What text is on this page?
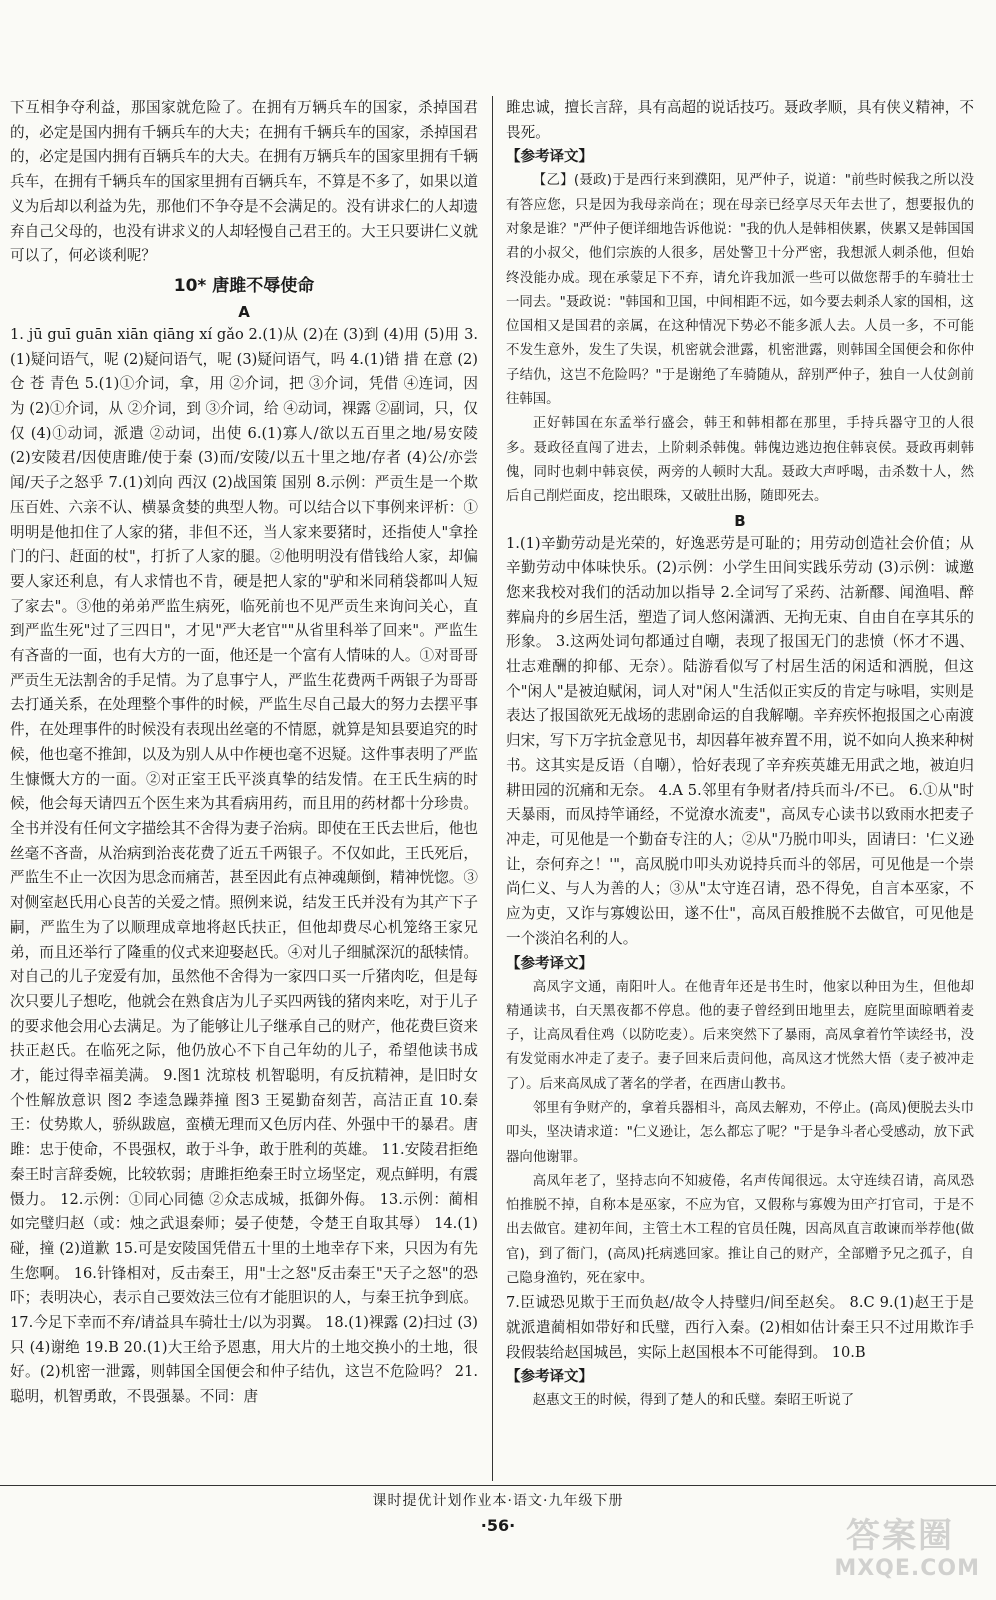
下互相争夺利益，那国家就危险了。在拥有万辆兵车的国家，杀掉国君的，必定是国内拥有千辆兵车的大夫；在拥有千辆兵车的国家，杀掉国君的，必定是国内拥有百辆兵车的大夫。在拥有万辆兵车的国家里拥有千辆兵车，在拥有千辆兵车的国家里拥有百辆兵车，不算是不多了，如果以道义为后却以利益为先，那他们不争夺是不会满足的。没有讲求仁的人却遗弃自己父母的，也没有讲求义的人却轻慢自己君王的。大王只要讲仁义就可以了，何必谈利呢？

10* 唐雎不辱使命
A

1. jū guī guān xiān qiāng xí gǎo 2.(1)从 (2)在 (3)到 (4)用 (5)用 3.(1)疑问语气，呢 (2)疑问语气，呢 (3)疑问语气，吗 4.(1)错 措 在意 (2)仓 苍 青色 5.(1)①介词，拿，用 ②介词，把 ③介词，凭借 ④连词，因为 (2)①介词，从 ②介词，到 ③介词，给 ④动词，裸露 ②副词，只，仅仅 (4)①动词，派遣 ②动词，出使 6.(1)寡人/欲以五百里之地/易安陵 (2)安陵君/因使唐雎/使于秦 (3)而/安陵/以五十里之地/存者 (4)公/亦尝闻/天子之怒乎 7.(1)刘向 西汉 (2)战国策 国别 8.示例：严贡生是一个欺压百姓、六亲不认、横暴贪婪的典型人物。可以结合以下事例来评析：①明明是他扣住了人家的猪，非但不还，当人家来要猪时，还指使人"拿拴门的闩、赶面的杖"，打折了人家的腿。②他明明没有借钱给人家，却偏要人家还利息，有人求情也不肯，硬是把人家的"驴和米同稍袋都叫人短了家去"。③他的弟弟严监生病死，临死前也不见严贡生来询问关心，直到严监生死"过了三四日"，才见"严大老官""从省里科举了回来"。严监生有吝啬的一面，也有大方的一面，他还是一个富有人情味的人。①对哥哥严贡生无法割舍的手足情。为了息事宁人，严监生花费两千两银子为哥哥去打通关系，在处理整个事件的时候，严监生尽自己最大的努力去摆平事件，在处理事件的时候没有表现出丝毫的不情愿，就算是知县要追究的时候，他也毫不推卸，以及为别人从中作梗也毫不迟疑。这件事表明了严监生慷慨大方的一面。②对正室王氏平淡真挚的结发情。在王氏生病的时候，他会每天请四五个医生来为其看病用药，而且用的药材都十分珍贵。全书并没有任何文字描绘其不舍得为妻子治病。即使在王氏去世后，他也丝毫不吝啬，从治病到治丧花费了近五千两银子。不仅如此，王氏死后，严监生不止一次因为思念而痛苦，甚至因此有点神魂颠倒，精神恍惚。③对侧室赵氏用心良苦的关爱之情。照例来说，结发王氏并没有为其产下子嗣，严监生为了以顺理成章地将赵氏扶正，但他却费尽心机笼络王家兄弟，而且还举行了隆重的仪式来迎娶赵氏。④对儿子细腻深沉的舐犊情。对自己的儿子宠爱有加，虽然他不舍得为一家四口买一斤猪肉吃，但是每次只要儿子想吃，他就会在熟食店为儿子买四两钱的猪肉来吃，对于儿子的要求他会用心去满足。为了能够让儿子继承自己的财产，他花费巨资来扶正赵氏。在临死之际，他仍放心不下自己年幼的儿子，希望他读书成才，能过得幸福美满。 9.图1 沈琼枝 机智聪明，有反抗精神，是旧时女个性解放意识 图2 李逵急躁莽撞 图3 王冕勤奋刻苦，高洁正直 10.秦王：仗势欺人，骄纵跋扈，蛮横无理而又色厉内荏、外强中干的暴君。唐雎：忠于使命，不畏强权，敢于斗争，敢于胜利的英雄。 11.安陵君拒绝秦王时言辞委婉，比较软弱；唐雎拒绝秦王时立场坚定，观点鲜明，有震慑力。 12.示例：①同心同德 ②众志成城，抵御外侮。 13.示例：蔺相如完璧归赵（或：烛之武退秦师；晏子使楚，令楚王自取其辱） 14.(1)碰，撞 (2)道歉 15.可是安陵国凭借五十里的土地幸存下来，只因为有先生您啊。 16.针锋相对，反击秦王，用"士之怒"反击秦王"天子之怒"的恐吓；表明决心，表示自己要效法三位有才能胆识的人，与秦王抗争到底。 17.今足下幸而不弃/请益具车骑壮士/以为羽翼。 18.(1)裸露 (2)扫过 (3)只 (4)谢绝 19.B 20.(1)大王给予恩惠，用大片的土地交换小的土地，很好。(2)机密一泄露，则韩国全国便会和仲子结仇，这岂不危险吗？ 21.聪明，机智勇敢，不畏强暴。不同：唐

雎忠诚，擅长言辞，具有高超的说话技巧。聂政孝顺，具有侠义精神，不畏死。

【参考译文】

【乙】(聂政)于是西行来到濮阳，见严仲子，说道："前些时候我之所以没有答应您，只是因为我母亲尚在；现在母亲已经享尽天年去世了，想要报仇的对象是谁？"严仲子便详细地告诉他说："我的仇人是韩相侠累，侠累又是韩国国君的小叔父，他们宗族的人很多，居处警卫十分严密，我想派人刺杀他，但始终没能办成。现在承蒙足下不弃，请允许我加派一些可以做您帮手的车骑壮士一同去。"聂政说："韩国和卫国，中间相距不远，如今要去刺杀人家的国相，这位国相又是国君的亲属，在这种情况下势必不能多派人去。人员一多，不可能不发生意外，发生了失误，机密就会泄露，机密泄露，则韩国全国便会和你仲子结仇，这岂不危险吗？"于是谢绝了车骑随从，辞别严仲子，独自一人仗剑前往韩国。

正好韩国在东孟举行盛会，韩王和韩相都在那里，手持兵器守卫的人很多。聂政径直闯了进去，上阶刺杀韩傀。韩傀边逃边抱住韩哀侯。聂政再刺韩傀，同时也刺中韩哀侯，两旁的人顿时大乱。聂政大声呼喝，击杀数十人，然后自己削烂面皮，挖出眼珠，又破肚出肠，随即死去。

B

1.(1)辛勤劳动是光荣的，好逸恶劳是可耻的；用劳动创造社会价值；从辛勤劳动中体味快乐。(2)示例：小学生田间实践乐劳动 (3)示例：诚邀您来我校对我们的活动加以指导 2.全词写了采药、沽新醪、闻渔唱、醉葬扁舟的乡居生活，塑造了词人悠闲潇洒、无拘无束、自由自在享其乐的形象。 3.这两处词句都通过自嘲，表现了报国无门的悲愤（怀才不遇、壮志难酬的抑郁、无奈）。陆游看似写了村居生活的闲适和洒脱，但这个"闲人"是被迫赋闲，词人对"闲人"生活似正实反的肯定与咏唱，实则是表达了报国欲死无战场的悲剧命运的自我解嘲。辛弃疾怀抱报国之心南渡归宋，写下万字抗金意见书，却因暮年被弃置不用，说不如向人换来种树书。这其实是反语（自嘲），恰好表现了辛弃疾英雄无用武之地，被迫归耕田园的沉痛和无奈。 4.A 5.邻里有争财者/持兵而斗/不已。 6.①从"时天暴雨，而凤持竿诵经，不觉潦水流麦"，高凤专心读书以致雨水把麦子冲走，可见他是一个勤奋专注的人；②从"乃脱巾叩头，固请曰：'仁义逊让，奈何弃之！'"，高凤脱巾叩头劝说持兵而斗的邻居，可见他是一个崇尚仁义、与人为善的人；③从"太守连召请，恐不得免，自言本巫家，不应为吏，又诈与寡嫂讼田，遂不仕"，高凤百般推脱不去做官，可见他是一个淡泊名利的人。

【参考译文】

高凤字文通，南阳叶人。在他青年还是书生时，他家以种田为生，但他却精通读书，白天黑夜都不停息。他的妻子曾经到田地里去，庭院里面晾晒着麦子，让高凤看住鸡（以防吃麦）。后来突然下了暴雨，高凤拿着竹竿读经书，没有发觉雨水冲走了麦子。妻子回来后责问他，高凤这才恍然大悟（麦子被冲走了）。后来高凤成了著名的学者，在西唐山教书。

邻里有争财产的，拿着兵器相斗，高凤去解劝，不停止。(高凤)便脱去头巾叩头，坚决请求道："仁义逊让，怎么都忘了呢？"于是争斗者心受感动，放下武器向他谢罪。

高凤年老了，坚持志向不知疲倦，名声传闻很远。太守连续召请，高凤恐怕推脱不掉，自称本是巫家，不应为官，又假称与寡嫂为田产打官司，于是不出去做官。建初年间，主管土木工程的官员任隗，因高凤直言敢谏而举荐他(做官)，到了衙门，(高凤)托病逃回家。推让自己的财产，全部赠予兄之孤子，自己隐身渔钓，死在家中。

7.臣诚恐见欺于王而负赵/故令人持璧归/间至赵矣。 8.C 9.(1)赵王于是就派遣蔺相如带好和氏璧，西行入秦。(2)相如估计秦王只不过用欺诈手段假装给赵国城邑，实际上赵国根本不可能得到。 10.B

【参考译文】

赵惠文王的时候，得到了楚人的和氏璧。秦昭王听说了

课时提优计划作业本·语文·九年级下册
·56·	答案圈
MXQE.COM
